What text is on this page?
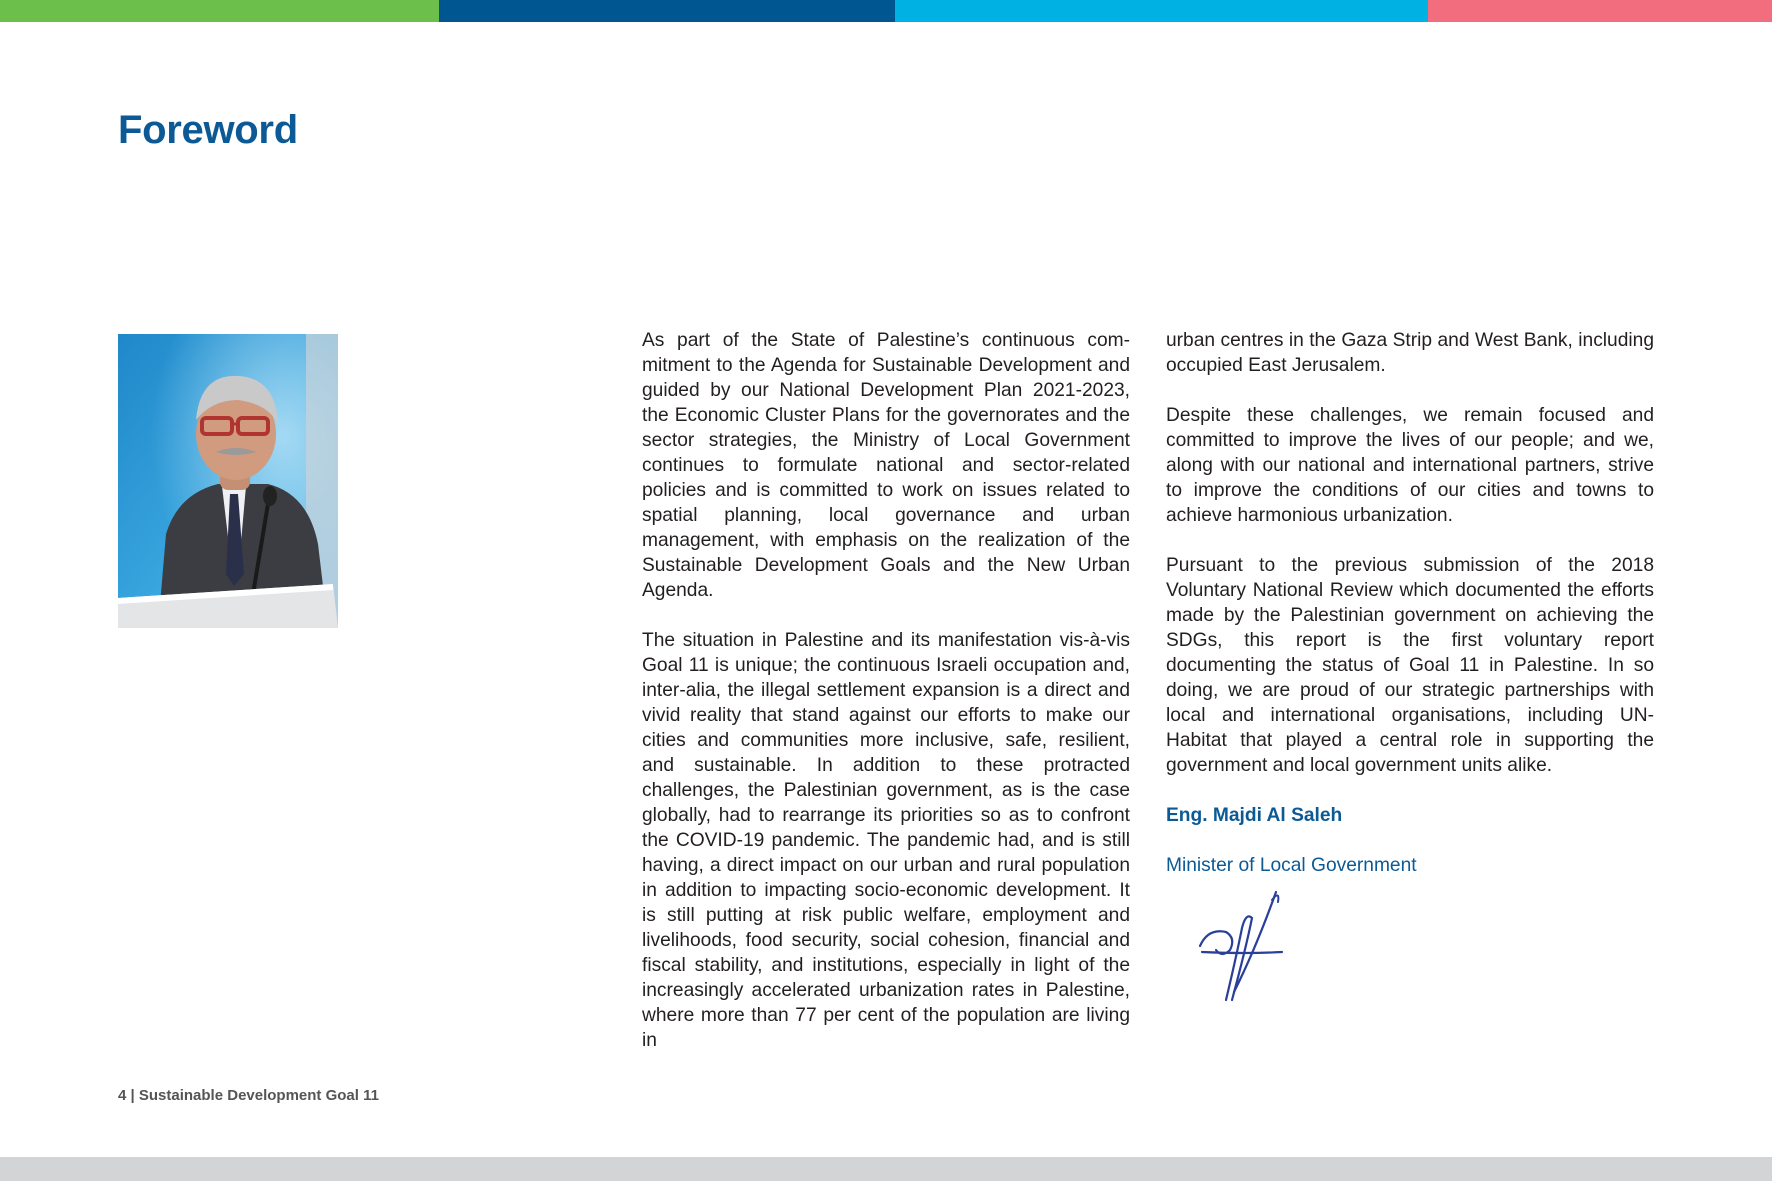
Foreword

As part of the State of Palestine’s continuous commitment to the Agenda for Sustainable Development and guided by our National Development Plan 2021-2023, the Economic Cluster Plans for the governorates and the sector strategies, the Ministry of Local Government continues to formulate national and sector-related policies and is committed to work on issues related to spatial planning, local governance and urban management, with emphasis on the realization of the Sustainable Development Goals and the New Urban Agenda.

The situation in Palestine and its manifestation vis-à-vis Goal 11 is unique; the continuous Israeli occupation and, inter-alia, the illegal settlement expansion is a direct and vivid reality that stand against our efforts to make our cities and communities more inclusive, safe, resilient, and sustainable. In addition to these protracted challenges, the Palestinian government, as is the case globally, had to rearrange its priorities so as to confront the COVID-19 pandemic. The pandemic had, and is still having, a direct impact on our urban and rural population in addition to impacting socio-economic development. It is still putting at risk public welfare, employment and livelihoods, food security, social cohesion, financial and fiscal stability, and institutions, especially in light of the increasingly accelerated urbanization rates in Palestine, where more than 77 per cent of the population are living in

urban centres in the Gaza Strip and West Bank, including occupied East Jerusalem.

Despite these challenges, we remain focused and committed to improve the lives of our people; and we, along with our national and international partners, strive to improve the conditions of our cities and towns to achieve harmonious urbanization.

Pursuant to the previous submission of the 2018 Voluntary National Review which documented the efforts made by the Palestinian government on achieving the SDGs, this report is the first voluntary report documenting the status of Goal 11 in Palestine. In so doing, we are proud of our strategic partnerships with local and international organisations, including UN-Habitat that played a central role in supporting the government and local government units alike.

Eng. Majdi Al Saleh

Minister of Local Government

4 | Sustainable Development Goal 11
